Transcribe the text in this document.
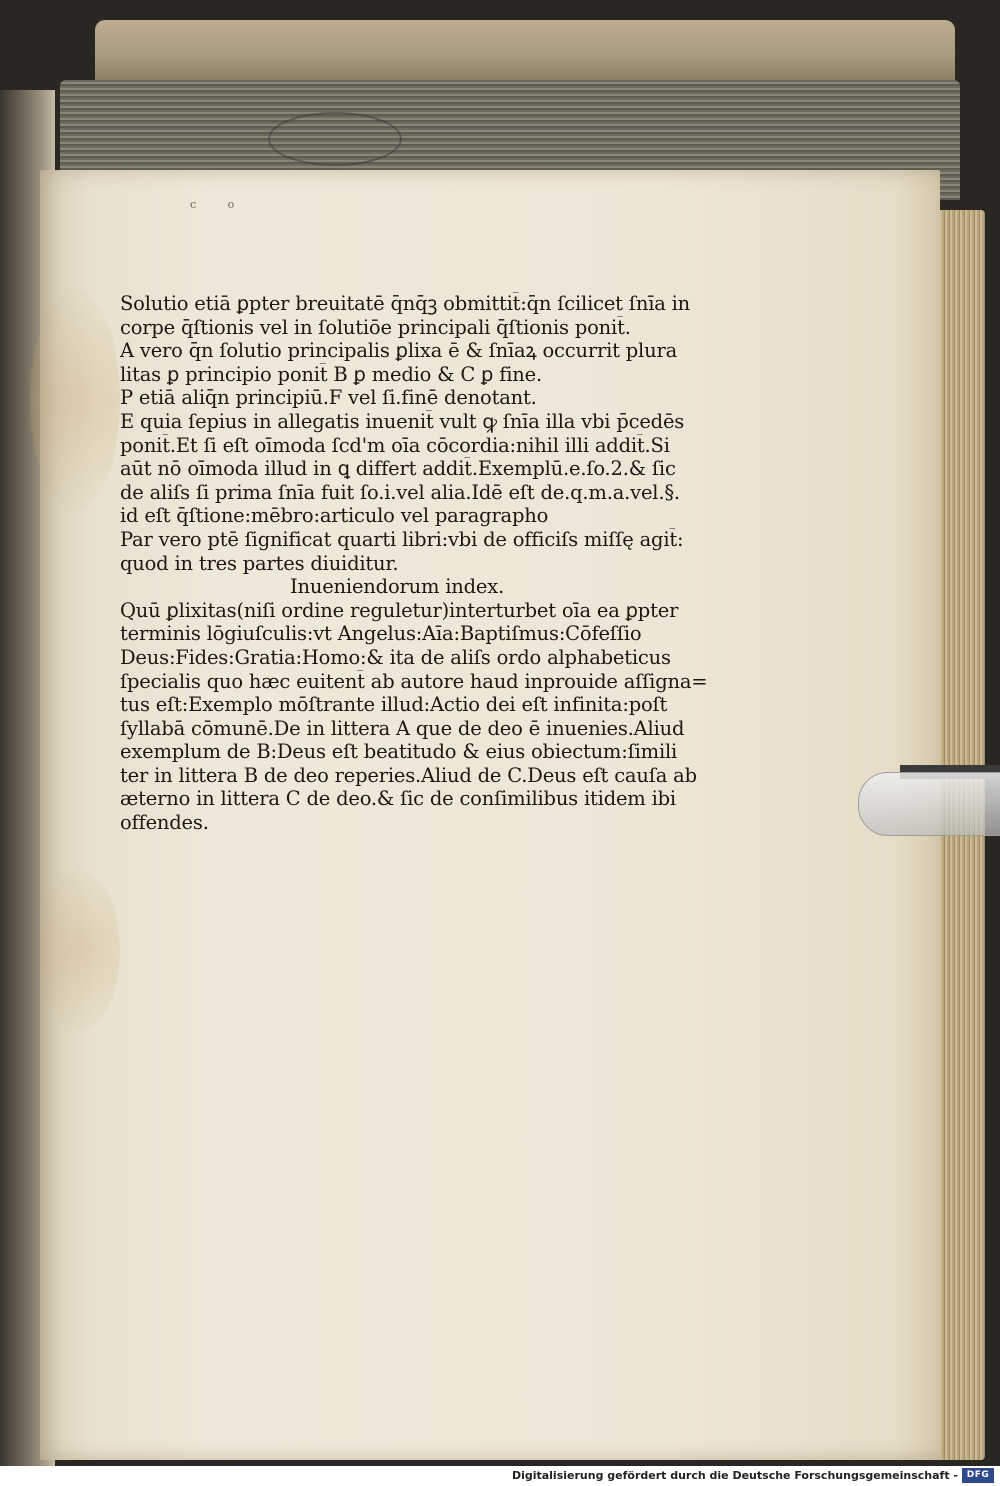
c	o
Solutio etiā ꝑpter breuitatē q̄nq̄ꝫ obmittit̄:q̄n ſcilicet ſnīa in
corpe q̄ſtionis vel in ſolutiōe principali q̄ſtionis ponit̄.
A vero q̄n ſolutio principalis ꝑlixa ē & ſnīaꝝ occurrit plura
litas ꝑ principio ponit̄ B ꝑ medio & C ꝑ fine.
P etiā aliq̄n principiū.F vel ſi.finē denotant.
E quia ſepius in allegatis inuenit̄ vult ꝙ ſnīa illa vbi p̄cedēs
ponit̄.Et ſi eſt oīmoda ſcd'm oīa cōcordia:nihil illi addit̄.Si
aūt nō oīmoda illud in ꝗ differt addit̄.Exemplū.e.ſo.2.& ſic
de aliſs ſi prima ſnīa fuit ſo.i.vel alia.Idē eſt de.q.m.a.vel.§.
id eſt q̄ſtione:mēbro:articulo vel paragrapho
Par vero ptē ſignificat quarti libri:vbi de officiſs miſſę agit̄:
quod in tres partes diuiditur.
Inueniendorum index.
Quū ꝑlixitas(niſi ordine reguletur)interturbet oīa ea ꝑpter
terminis lōgiuſculis:vt Angelus:Aīa:Baptiſmus:Cōfeſſio
Deus:Fides:Gratia:Homo:& ita de aliſs ordo alphabeticus
ſpecialis quo hæc euitent̄ ab autore haud inprouide aſſigna=
tus eſt:Exemplo mōſtrante illud:Actio dei eſt infinita:poſt
ſyllabā cōmunē.De in littera A que de deo ē inuenies.Aliud
exemplum de B:Deus eſt beatitudo & eius obiectum:ſimili
ter in littera B de deo reperies.Aliud de C.Deus eſt cauſa ab
æterno in littera C de deo.& ſic de conſimilibus itidem ibi
offendes.
Digitalisierung gefördert durch die Deutsche Forschungsgemeinschaft - DFG
